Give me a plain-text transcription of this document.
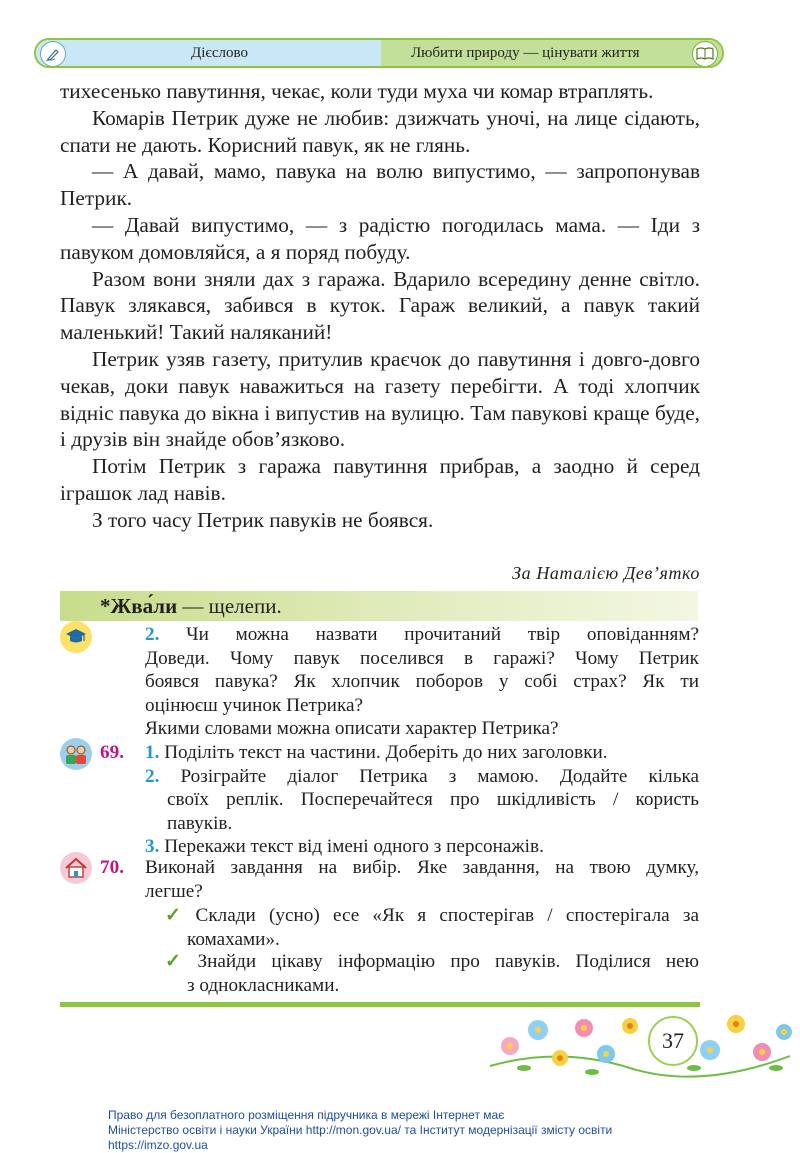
Дієслово	Любити природу — цінувати життя

тихесенько павутиння, чекає, коли туди муха чи комар втраплять.

Комарів Петрик дуже не любив: дзижчать уночі, на лице сідають, спати не дають. Корисний павук, як не глянь.

— А давай, мамо, павука на волю випустимо, — запропонував Петрик.

— Давай випустимо, — з радістю погодилась мама. — Іди з павуком домовляйся, а я поряд побуду.

Разом вони зняли дах з гаража. Вдарило всередину денне світло. Павук злякався, забився в куток. Гараж великий, а павук такий маленький! Такий наляканий!

Петрик узяв газету, притулив краєчок до павутиння і довго-довго чекав, доки павук наважиться на газету перебігти. А тоді хлопчик відніс павука до вікна і випустив на вулицю. Там павукові краще буде, і друзів він знайде обов’язково.

Потім Петрик з гаража павутиння прибрав, а заодно й серед іграшок лад навів.

З того часу Петрик павуків не боявся.

За Наталією Дев’ятко
*Жва́ли — щелепи.
2. Чи можна назвати прочитаний твір оповіданням?
Доведи. Чому павук поселився в гаражі? Чому Петрик
боявся павука? Як хлопчик поборов у собі страх? Як ти
оцінюєш учинок Петрика?
Якими словами можна описати характер Петрика?
69. 1. Поділіть текст на частини. Доберіть до них заголовки.
2. Розіграйте діалог Петрика з мамою. Додайте кілька
своїх реплік. Посперечайтеся про шкідливість / користь
павуків.
3. Перекажи текст від імені одного з персонажів.
70. Виконай завдання на вибір. Яке завдання, на твою думку,
легше?
✓ Склади (усно) есе «Як я спостерігав / спостерігала за
комахами».
✓ Знайди цікаву інформацію про павуків. Поділися нею
з однокласниками.
37
Право для безоплатного розміщення підручника в мережі Інтернет має
Міністерство освіти і науки України http://mon.gov.ua/ та Інститут модернізації змісту освіти https://imzo.gov.ua
